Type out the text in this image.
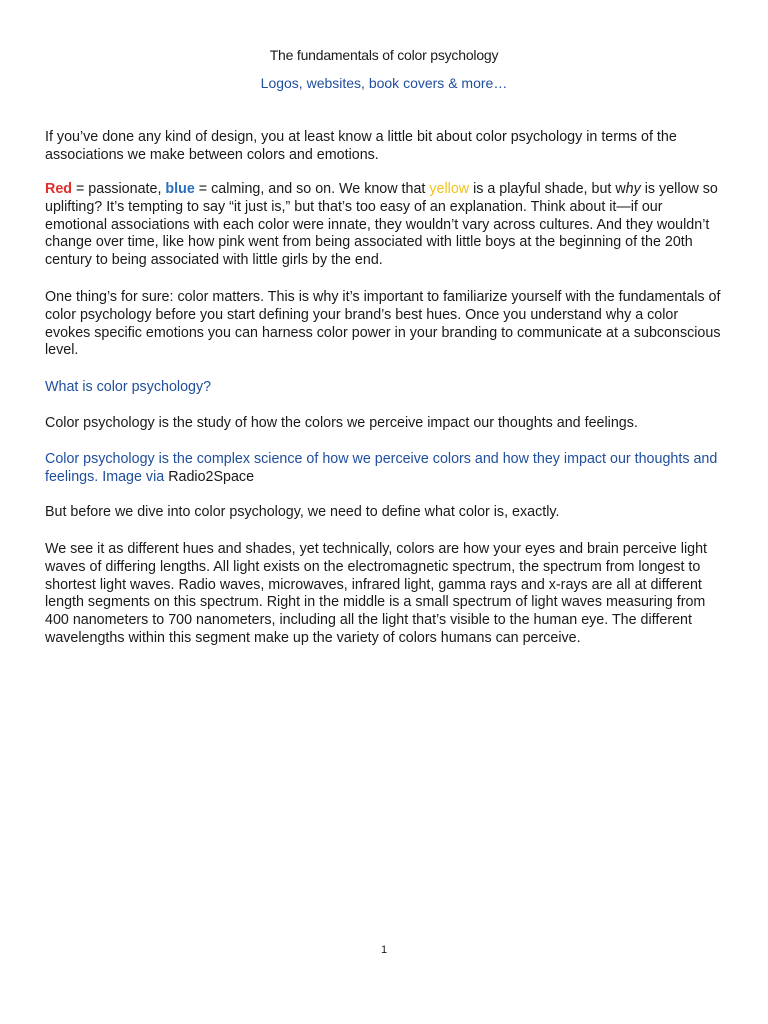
The fundamentals of color psychology
Logos, websites, book covers & more…

If you’ve done any kind of design, you at least know a little bit about color psychology in terms of the associations we make between colors and emotions.

Red = passionate, blue = calming, and so on. We know that yellow is a playful shade, but why is yellow so uplifting? It’s tempting to say “it just is,” but that’s too easy of an explanation. Think about it—if our emotional associations with each color were innate, they wouldn’t vary across cultures. And they wouldn’t change over time, like how pink went from being associated with little boys at the beginning of the 20th century to being associated with little girls by the end.

One thing’s for sure: color matters. This is why it’s important to familiarize yourself with the fundamentals of color psychology before you start defining your brand’s best hues. Once you understand why a color evokes specific emotions you can harness color power in your branding to communicate at a subconscious level.

What is color psychology?

Color psychology is the study of how the colors we perceive impact our thoughts and feelings.

Color psychology is the complex science of how we perceive colors and how they impact our thoughts and feelings. Image via Radio2Space

But before we dive into color psychology, we need to define what color is, exactly.

We see it as different hues and shades, yet technically, colors are how your eyes and brain perceive light waves of differing lengths. All light exists on the electromagnetic spectrum, the spectrum from longest to shortest light waves. Radio waves, microwaves, infrared light, gamma rays and x-rays are all at different length segments on this spectrum. Right in the middle is a small spectrum of light waves measuring from 400 nanometers to 700 nanometers, including all the light that’s visible to the human eye. The different wavelengths within this segment make up the variety of colors humans can perceive.

1
